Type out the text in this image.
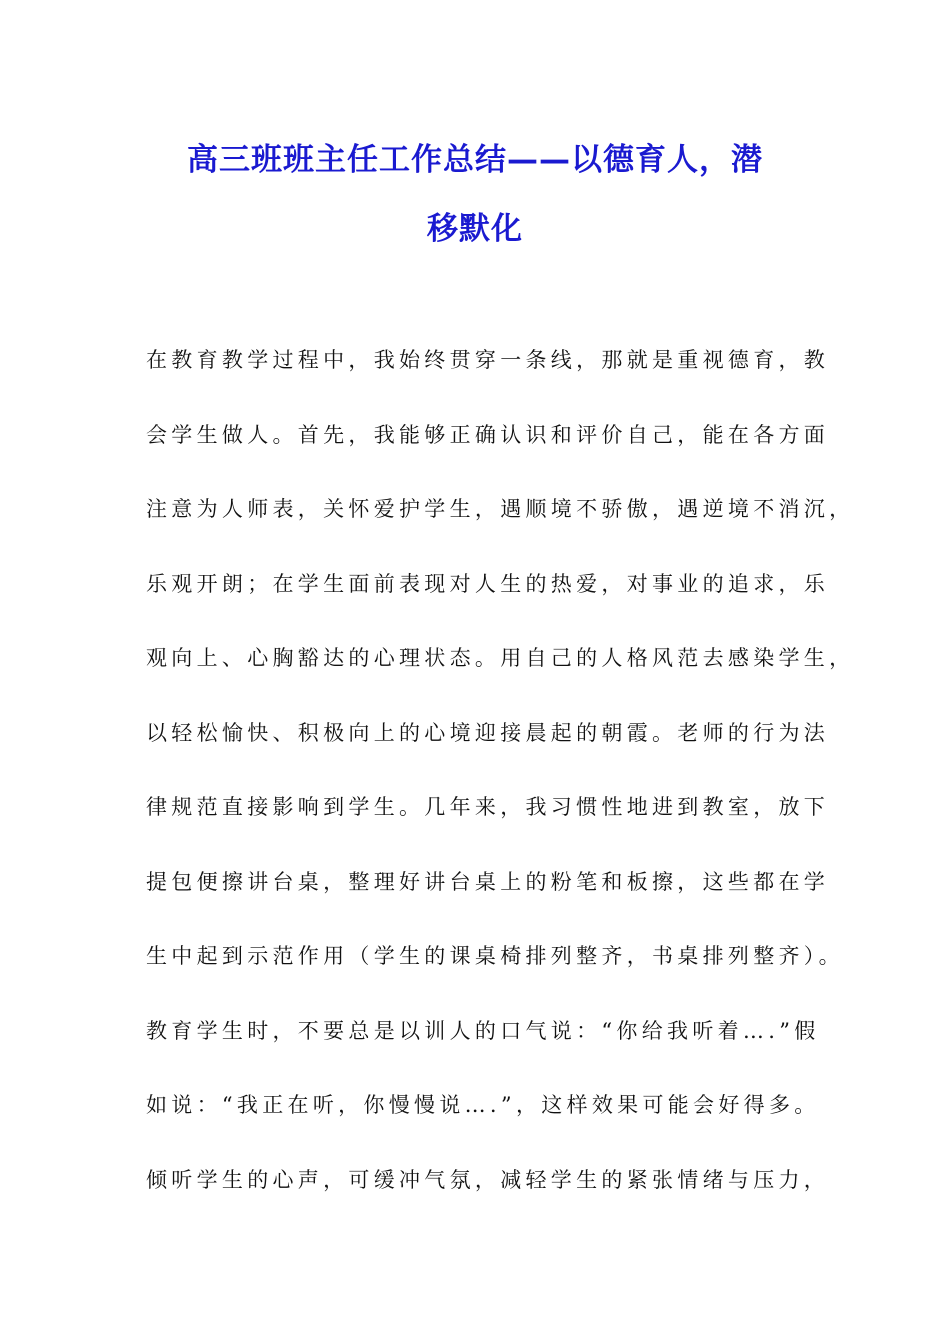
高三班班主任工作总结——以德育人，潜
移默化
在教育教学过程中，我始终贯穿一条线，那就是重视德育，教
会学生做人。首先，我能够正确认识和评价自己，能在各方面
注意为人师表，关怀爱护学生，遇顺境不骄傲，遇逆境不消沉，
乐观开朗；在学生面前表现对人生的热爱，对事业的追求，乐
观向上、心胸豁达的心理状态。用自己的人格风范去感染学生，
以轻松愉快、积极向上的心境迎接晨起的朝霞。老师的行为法
律规范直接影响到学生。几年来，我习惯性地进到教室，放下
提包便擦讲台桌，整理好讲台桌上的粉笔和板擦，这些都在学
生中起到示范作用（学生的课桌椅排列整齐，书桌排列整齐）。
教育学生时，不要总是以训人的口气说：“你给我听着….”假
如说：“我正在听，你慢慢说….”，这样效果可能会好得多。
倾听学生的心声，可缓冲气氛，减轻学生的紧张情绪与压力，
